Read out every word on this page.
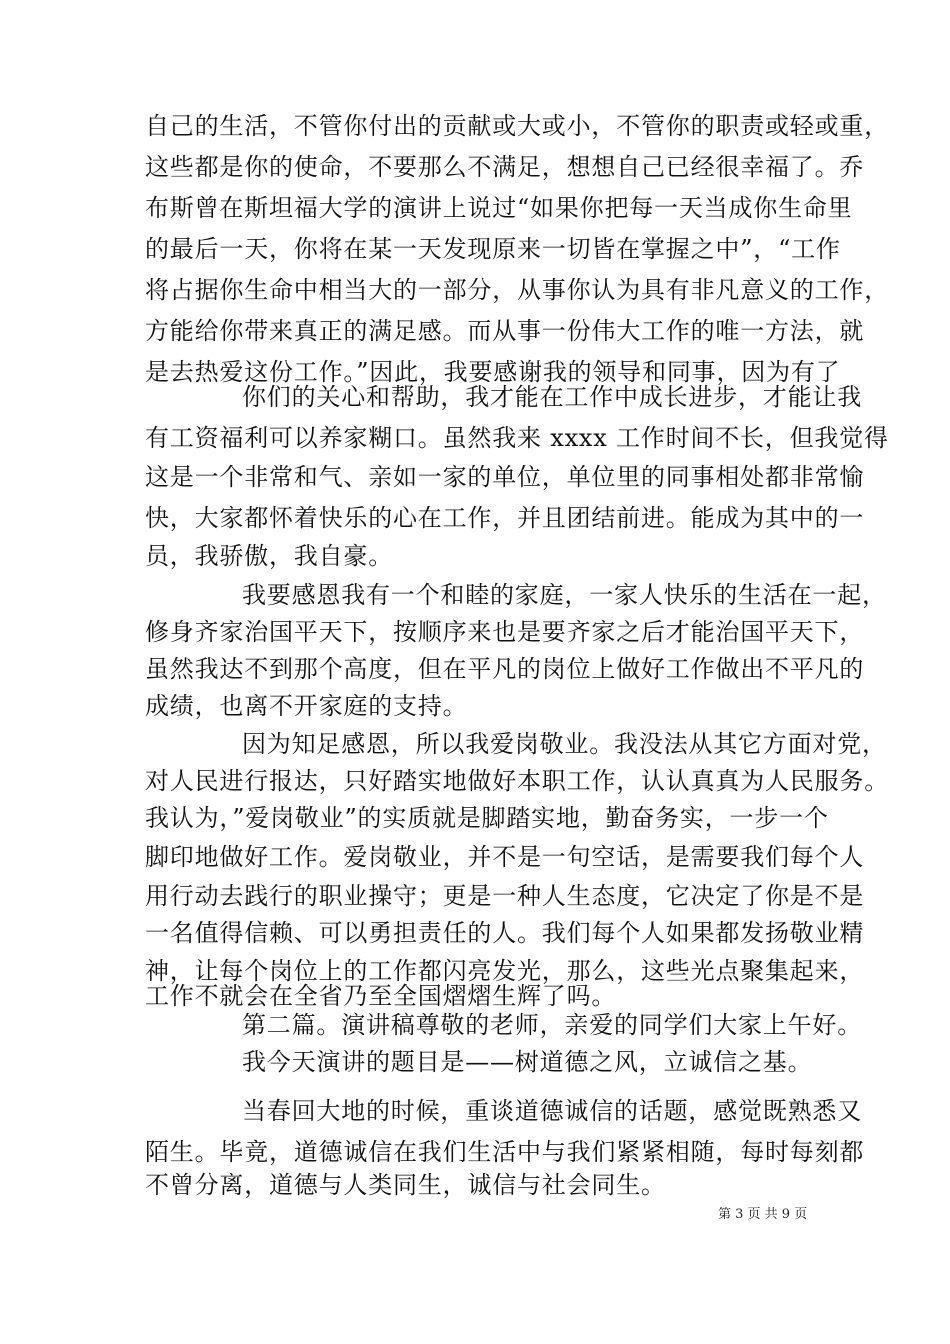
自己的生活，不管你付出的贡献或大或小，不管你的职责或轻或重，
这些都是你的使命，不要那么不满足，想想自己已经很幸福了。乔
布斯曾在斯坦福大学的演讲上说过“如果你把每一天当成你生命里
的最后一天，你将在某一天发现原来一切皆在掌握之中”，“工作
将占据你生命中相当大的一部分，从事你认为具有非凡意义的工作，
方能给你带来真正的满足感。而从事一份伟大工作的唯一方法，就
是去热爱这份工作。”因此，我要感谢我的领导和同事，因为有了
你们的关心和帮助，我才能在工作中成长进步，才能让我
有工资福利可以养家糊口。虽然我来 xxxx 工作时间不长，但我觉得
这是一个非常和气、亲如一家的单位，单位里的同事相处都非常愉
快，大家都怀着快乐的心在工作，并且团结前进。能成为其中的一
员，我骄傲，我自豪。
我要感恩我有一个和睦的家庭，一家人快乐的生活在一起，
修身齐家治国平天下，按顺序来也是要齐家之后才能治国平天下，
虽然我达不到那个高度，但在平凡的岗位上做好工作做出不平凡的
成绩，也离不开家庭的支持。
因为知足感恩，所以我爱岗敬业。我没法从其它方面对党，
对人民进行报达，只好踏实地做好本职工作，认认真真为人民服务。
我认为，”爱岗敬业”的实质就是脚踏实地，勤奋务实，一步一个
脚印地做好工作。爱岗敬业，并不是一句空话，是需要我们每个人
用行动去践行的职业操守；更是一种人生态度，它决定了你是不是
一名值得信赖、可以勇担责任的人。我们每个人如果都发扬敬业精
神，让每个岗位上的工作都闪亮发光，那么，这些光点聚集起来，
工作不就会在全省乃至全国熠熠生辉了吗。
第二篇。演讲稿尊敬的老师，亲爱的同学们大家上午好。
我今天演讲的题目是——树道德之风，立诚信之基。
当春回大地的时候，重谈道德诚信的话题，感觉既熟悉又
陌生。毕竟，道德诚信在我们生活中与我们紧紧相随，每时每刻都
不曾分离，道德与人类同生，诚信与社会同生。
第 3 页 共 9 页
